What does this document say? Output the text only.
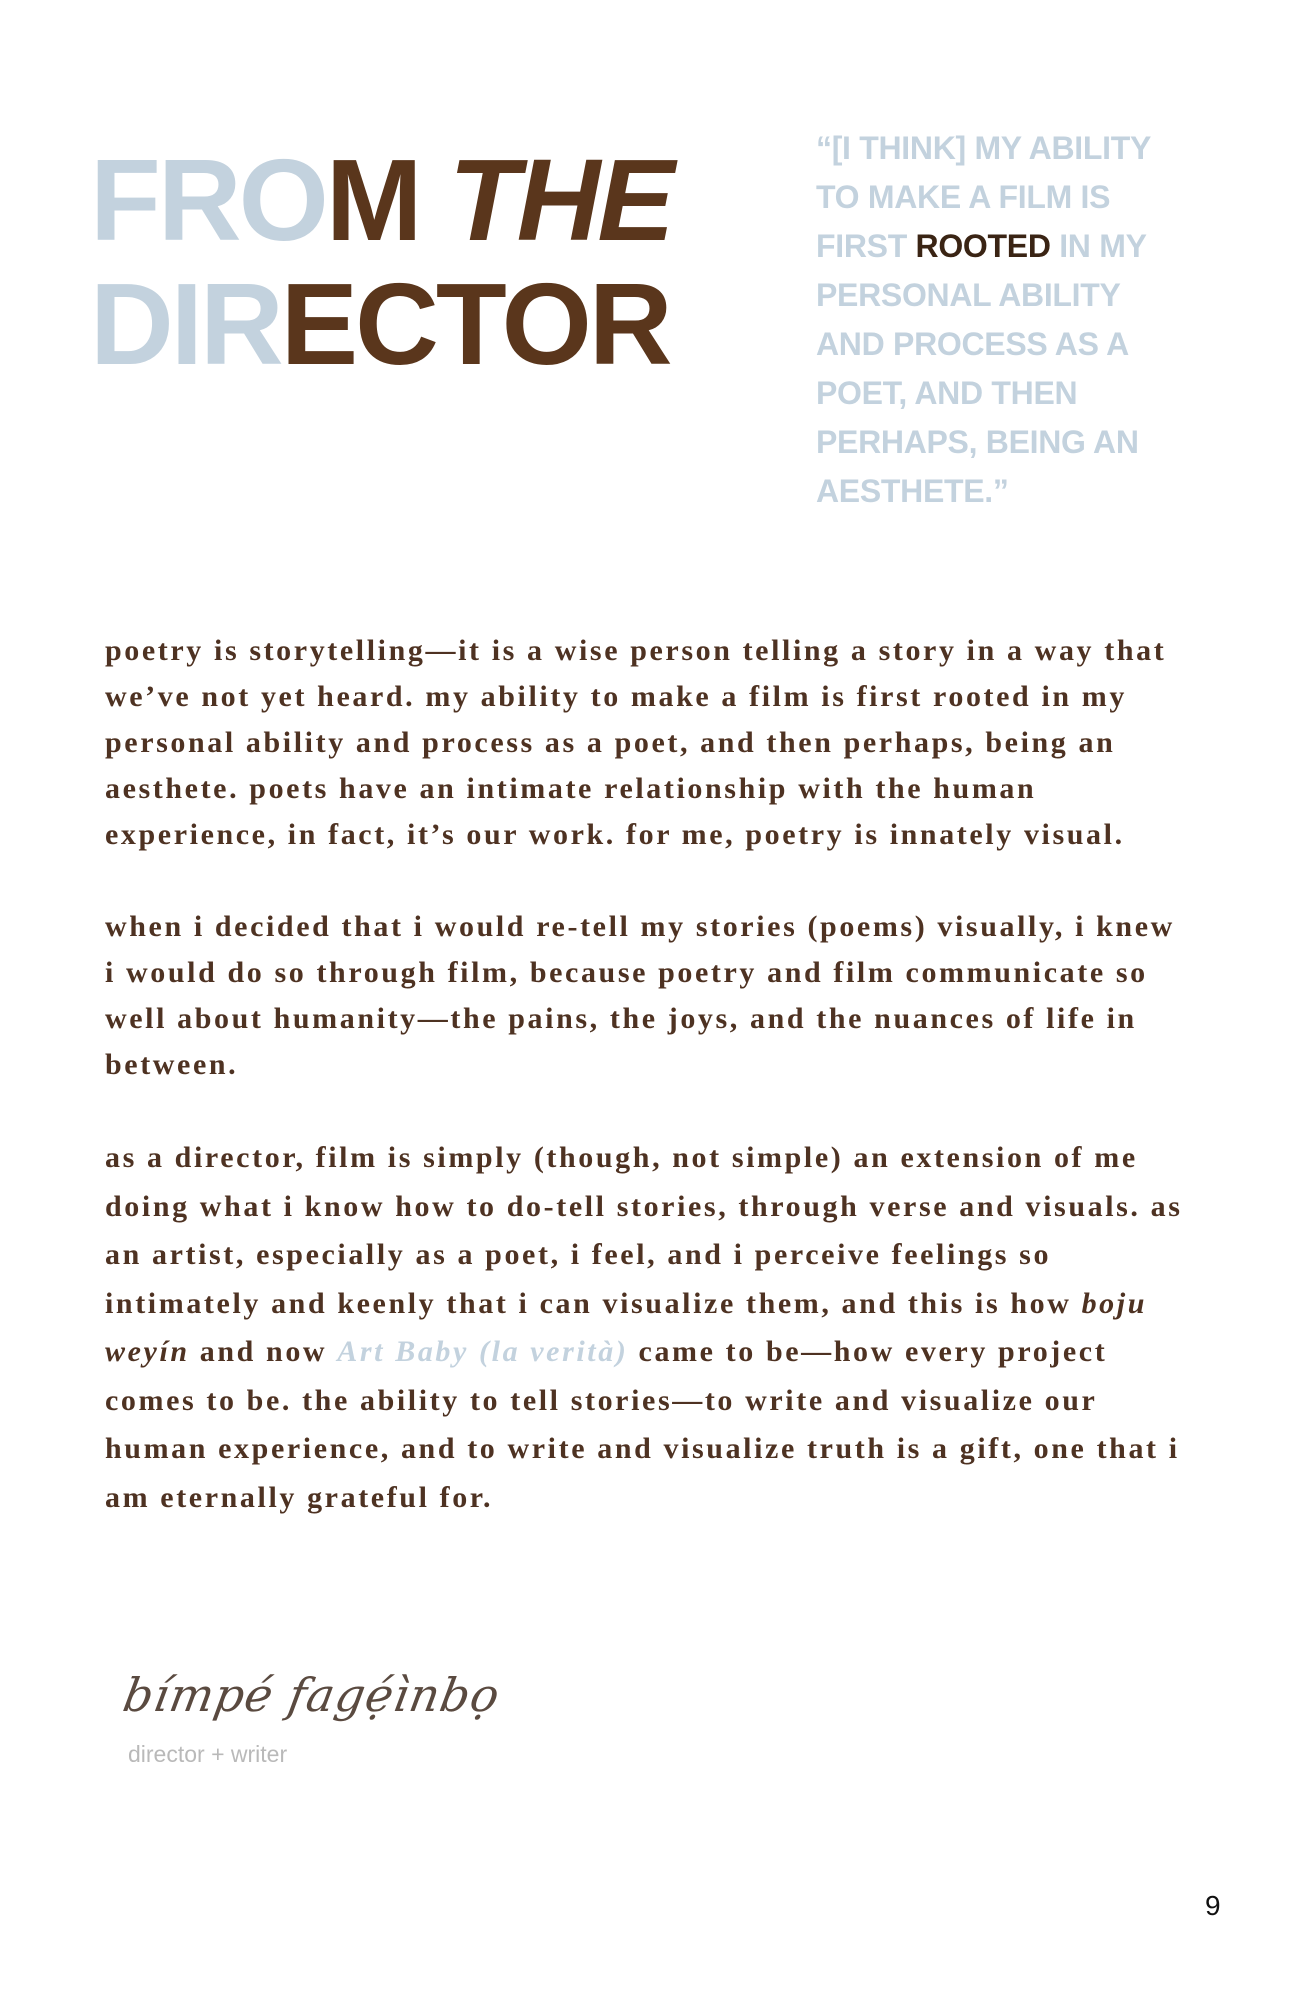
FROM THE
DIRECTOR

“[I THINK] MY ABILITY TO MAKE A FILM IS FIRST ROOTED IN MY PERSONAL ABILITY AND PROCESS AS A POET, AND THEN PERHAPS, BEING AN AESTHETE.”

poetry is storytelling—it is a wise person telling a story in a way that we’ve not yet heard. my ability to make a film is first rooted in my personal ability and process as a poet, and then perhaps, being an aesthete. poets have an intimate relationship with the human experience, in fact, it’s our work. for me, poetry is innately visual.

when i decided that i would re-tell my stories (poems) visually, i knew i would do so through film, because poetry and film communicate so well about humanity—the pains, the joys, and the nuances of life in between.

as a director, film is simply (though, not simple) an extension of me doing what i know how to do-tell stories, through verse and visuals. as an artist, especially as a poet, i feel, and i perceive feelings so intimately and keenly that i can visualize them, and this is how boju weyín and now Art Baby (la verità) came to be—how every project comes to be. the ability to tell stories—to write and visualize our human experience, and to write and visualize truth is a gift, one that i am eternally grateful for.

bímpé fagẹ́ìnbọ
director + writer
9
